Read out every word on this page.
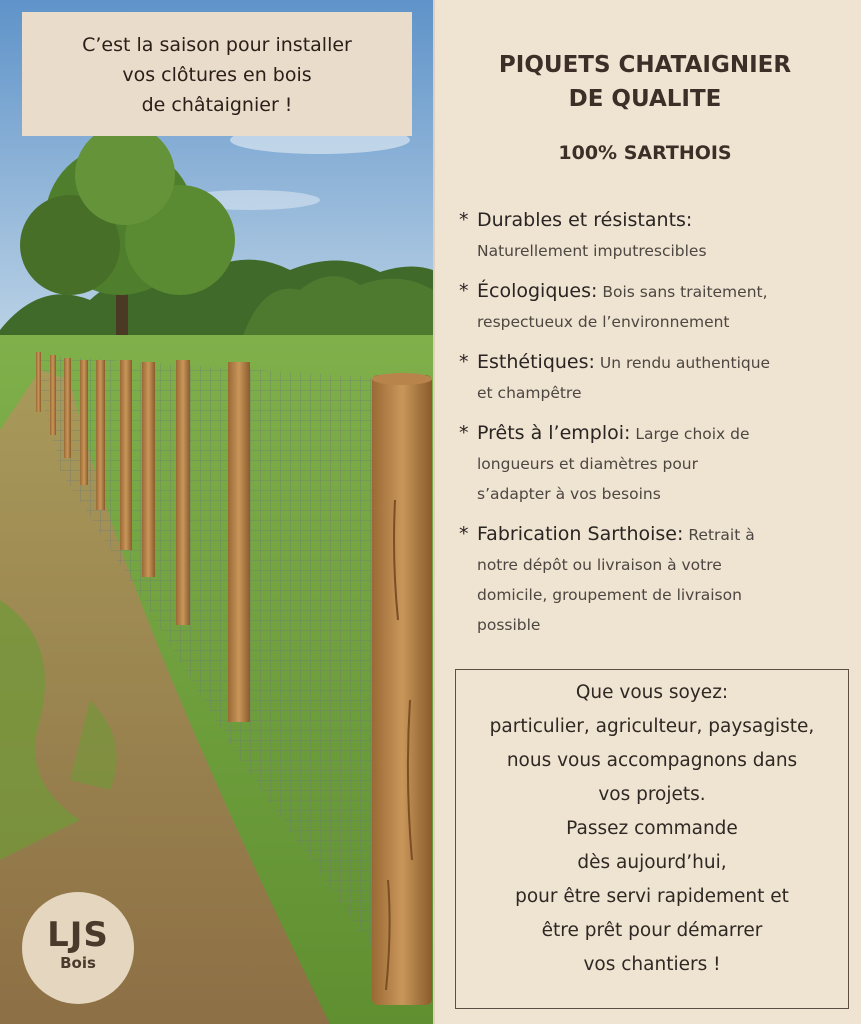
C’est la saison pour installer
vos clôtures en bois
de châtaignier !
LJS
Bois
PIQUETS CHATAIGNIER
DE QUALITE
100% SARTHOIS
* Durables et résistants:
Naturellement imputrescibles
* Écologiques: Bois sans traitement,
respectueux de l’environnement
* Esthétiques: Un rendu authentique
et champêtre
* Prêts à l’emploi: Large choix de
longueurs et diamètres pour
s’adapter à vos besoins
* Fabrication Sarthoise: Retrait à
notre dépôt ou livraison à votre
domicile, groupement de livraison
possible
Que vous soyez:
particulier, agriculteur, paysagiste,
nous vous accompagnons dans
vos projets.
Passez commande
dès aujourd’hui,
pour être servi rapidement et
être prêt pour démarrer
vos chantiers !
